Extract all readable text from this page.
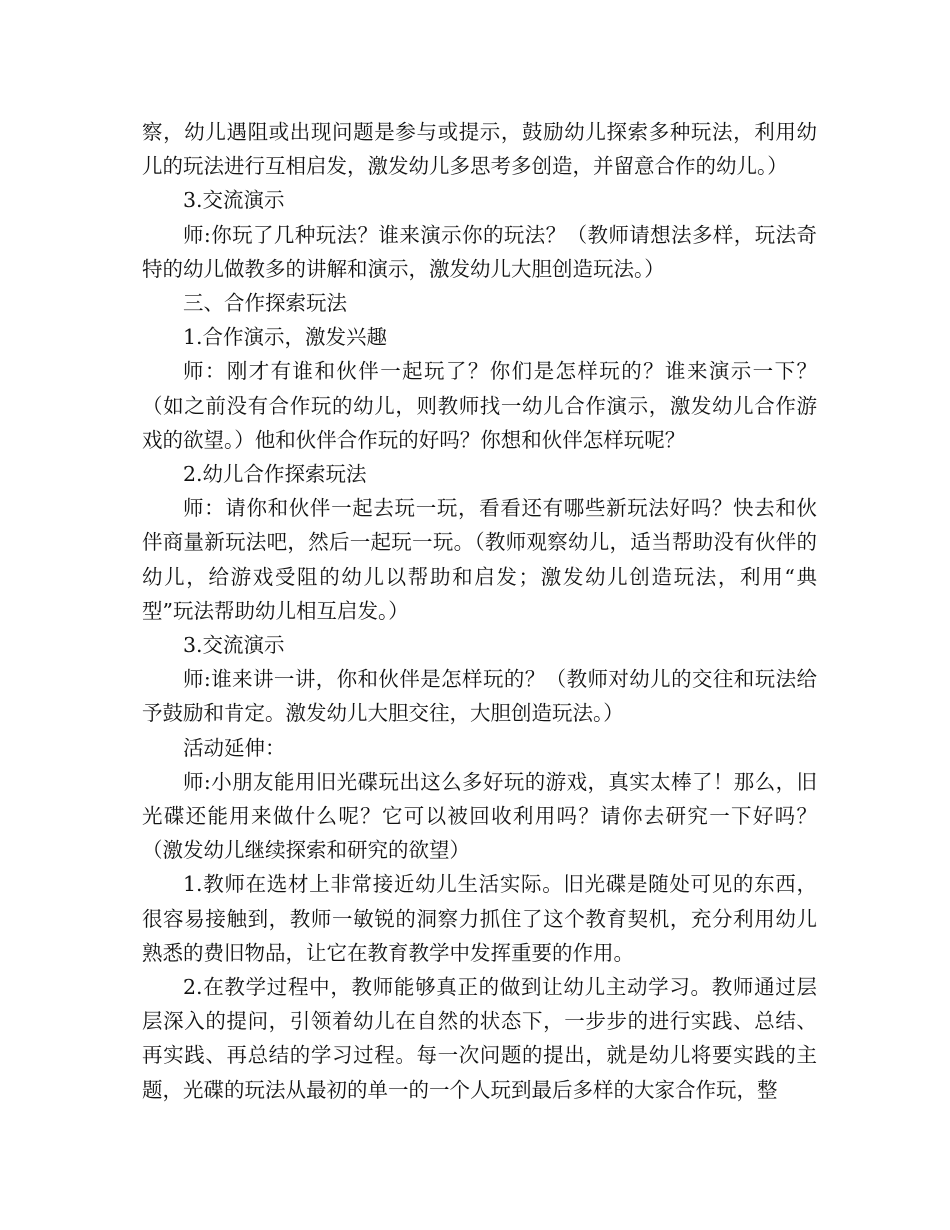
察，幼儿遇阻或出现问题是参与或提示，鼓励幼儿探索多种玩法，利用幼儿的玩法进行互相启发，激发幼儿多思考多创造，并留意合作的幼儿。）

3.交流演示

师:你玩了几种玩法？谁来演示你的玩法？（教师请想法多样，玩法奇特的幼儿做教多的讲解和演示，激发幼儿大胆创造玩法。）

三、合作探索玩法

1.合作演示，激发兴趣

师：刚才有谁和伙伴一起玩了？你们是怎样玩的？谁来演示一下？（如之前没有合作玩的幼儿，则教师找一幼儿合作演示，激发幼儿合作游戏的欲望。）他和伙伴合作玩的好吗？你想和伙伴怎样玩呢？

2.幼儿合作探索玩法

师：请你和伙伴一起去玩一玩，看看还有哪些新玩法好吗？快去和伙伴商量新玩法吧，然后一起玩一玩。（教师观察幼儿，适当帮助没有伙伴的幼儿，给游戏受阻的幼儿以帮助和启发；激发幼儿创造玩法，利用“典型”玩法帮助幼儿相互启发。）

3.交流演示

师:谁来讲一讲，你和伙伴是怎样玩的？（教师对幼儿的交往和玩法给予鼓励和肯定。激发幼儿大胆交往，大胆创造玩法。）

活动延伸：

师:小朋友能用旧光碟玩出这么多好玩的游戏，真实太棒了！那么，旧光碟还能用来做什么呢？它可以被回收利用吗？请你去研究一下好吗？（激发幼儿继续探索和研究的欲望）

1.教师在选材上非常接近幼儿生活实际。旧光碟是随处可见的东西，很容易接触到，教师一敏锐的洞察力抓住了这个教育契机，充分利用幼儿熟悉的费旧物品，让它在教育教学中发挥重要的作用。

2.在教学过程中，教师能够真正的做到让幼儿主动学习。教师通过层层深入的提问，引领着幼儿在自然的状态下，一步步的进行实践、总结、再实践、再总结的学习过程。每一次问题的提出，就是幼儿将要实践的主题，光碟的玩法从最初的单一的一个人玩到最后多样的大家合作玩，整
